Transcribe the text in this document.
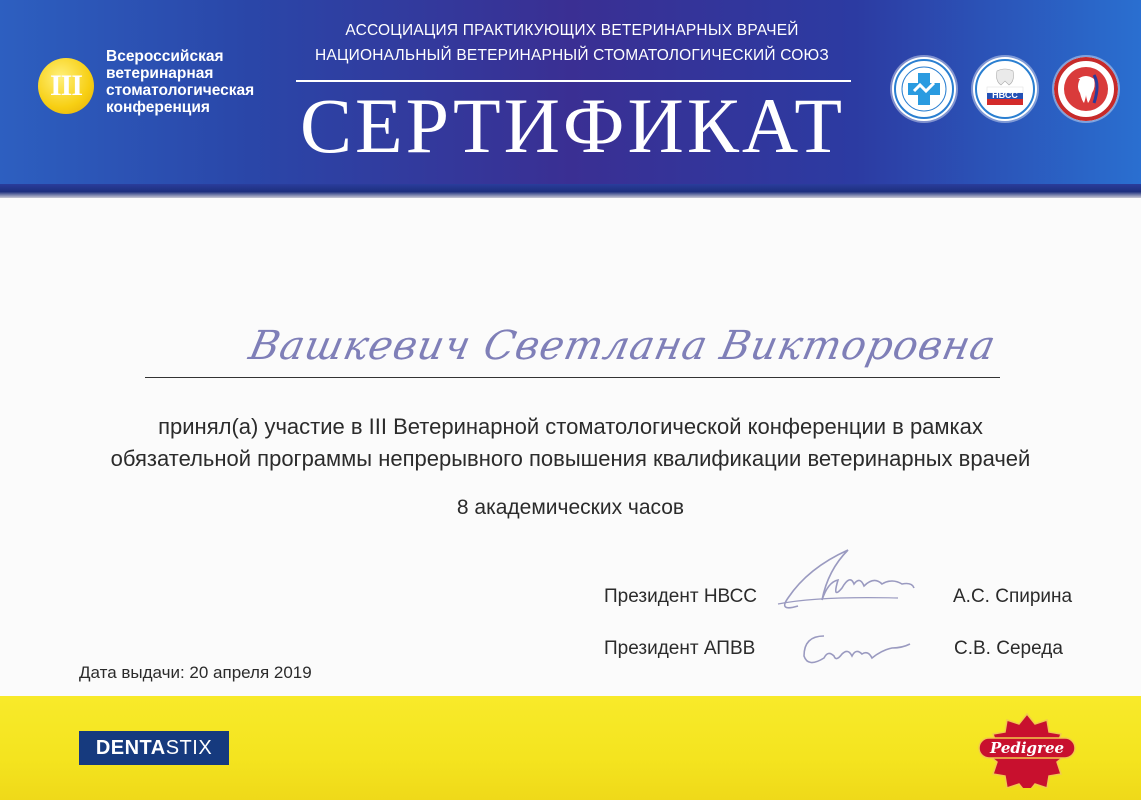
III
Всероссийская
ветеринарная
стоматологическая
конференция
АССОЦИАЦИЯ ПРАКТИКУЮЩИХ ВЕТЕРИНАРНЫХ ВРАЧЕЙ
НАЦИОНАЛЬНЫЙ ВЕТЕРИНАРНЫЙ СТОМАТОЛОГИЧЕСКИЙ СОЮЗ
СЕРТИФИКАТ	НВСС
Вашкевич Светлана Викторовна
принял(а) участие в III Ветеринарной стоматологической конференции в рамках
обязательной программы непрерывного повышения квалификации ветеринарных врачей
8 академических часов
Президент НВСС	А.С. Спирина
Президент АПВВ	С.В. Середа
Дата выдачи: 20 апреля 2019
DENTA STIX	Pedigree
